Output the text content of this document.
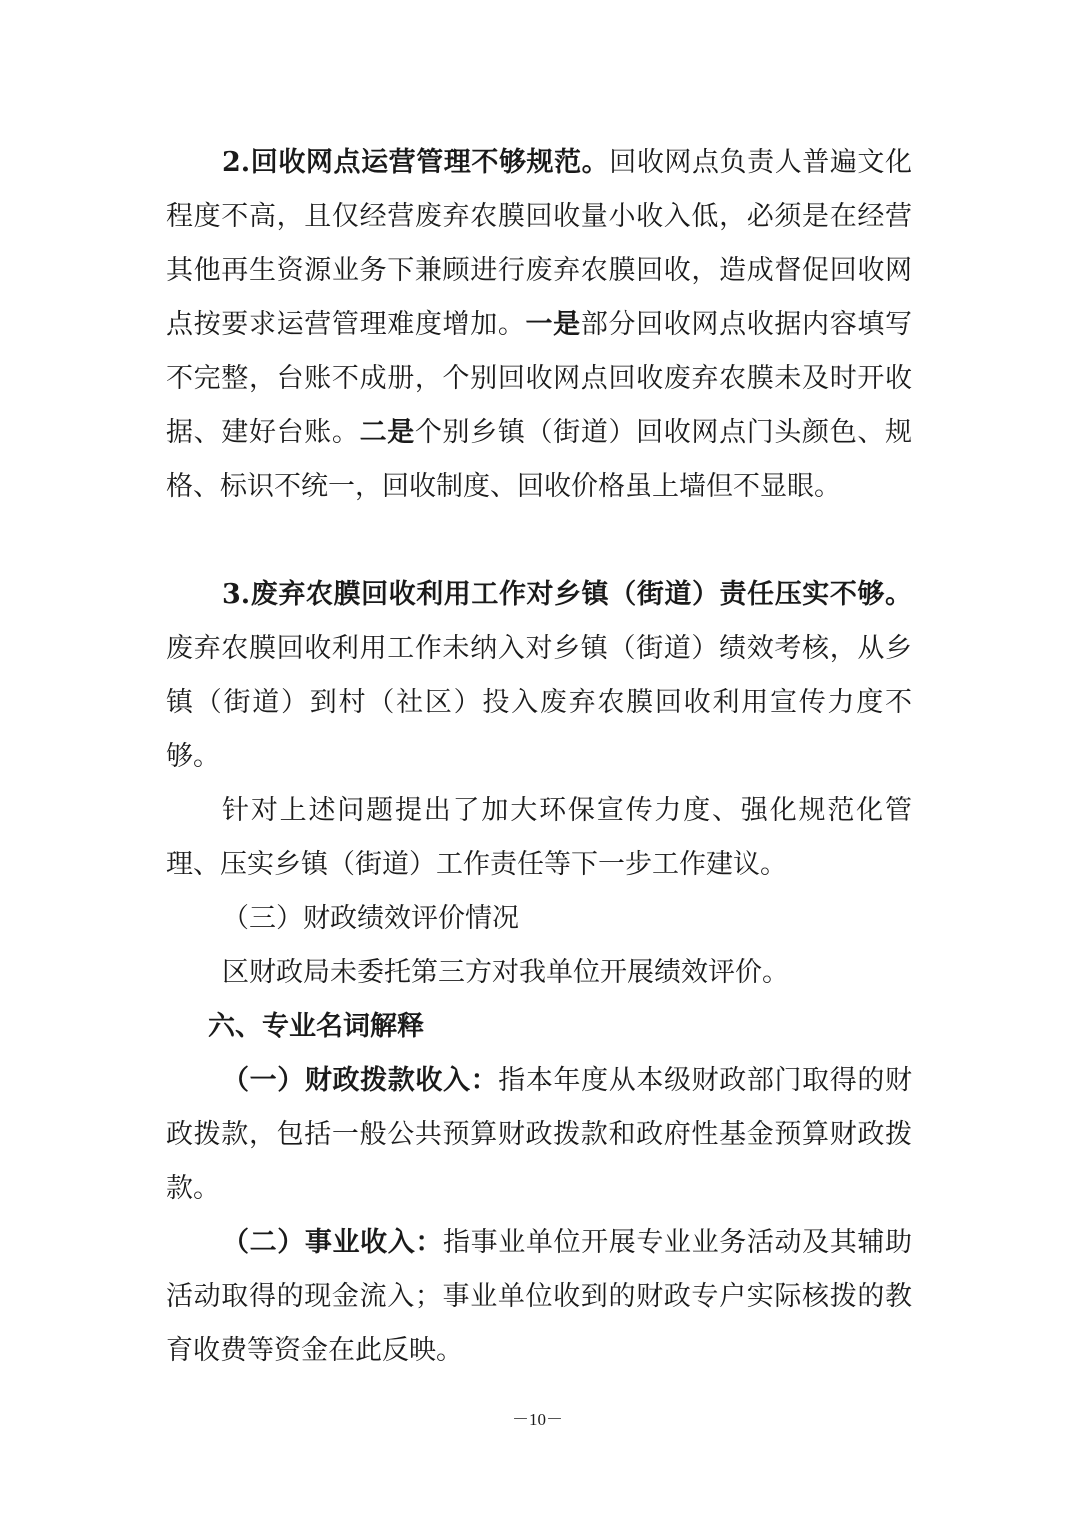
2.回收网点运营管理不够规范。回收网点负责人普遍文化程度不高，且仅经营废弃农膜回收量小收入低，必须是在经营其他再生资源业务下兼顾进行废弃农膜回收，造成督促回收网点按要求运营管理难度增加。一是部分回收网点收据内容填写不完整，台账不成册，个别回收网点回收废弃农膜未及时开收据、建好台账。二是个别乡镇（街道）回收网点门头颜色、规格、标识不统一，回收制度、回收价格虽上墙但不显眼。

3.废弃农膜回收利用工作对乡镇（街道）责任压实不够。废弃农膜回收利用工作未纳入对乡镇（街道）绩效考核，从乡镇（街道）到村（社区）投入废弃农膜回收利用宣传力度不够。

针对上述问题提出了加大环保宣传力度、强化规范化管理、压实乡镇（街道）工作责任等下一步工作建议。

（三）财政绩效评价情况

区财政局未委托第三方对我单位开展绩效评价。

六、专业名词解释

（一）财政拨款收入：指本年度从本级财政部门取得的财政拨款，包括一般公共预算财政拨款和政府性基金预算财政拨款。

（二）事业收入：指事业单位开展专业业务活动及其辅助活动取得的现金流入；事业单位收到的财政专户实际核拨的教育收费等资金在此反映。

－10－
